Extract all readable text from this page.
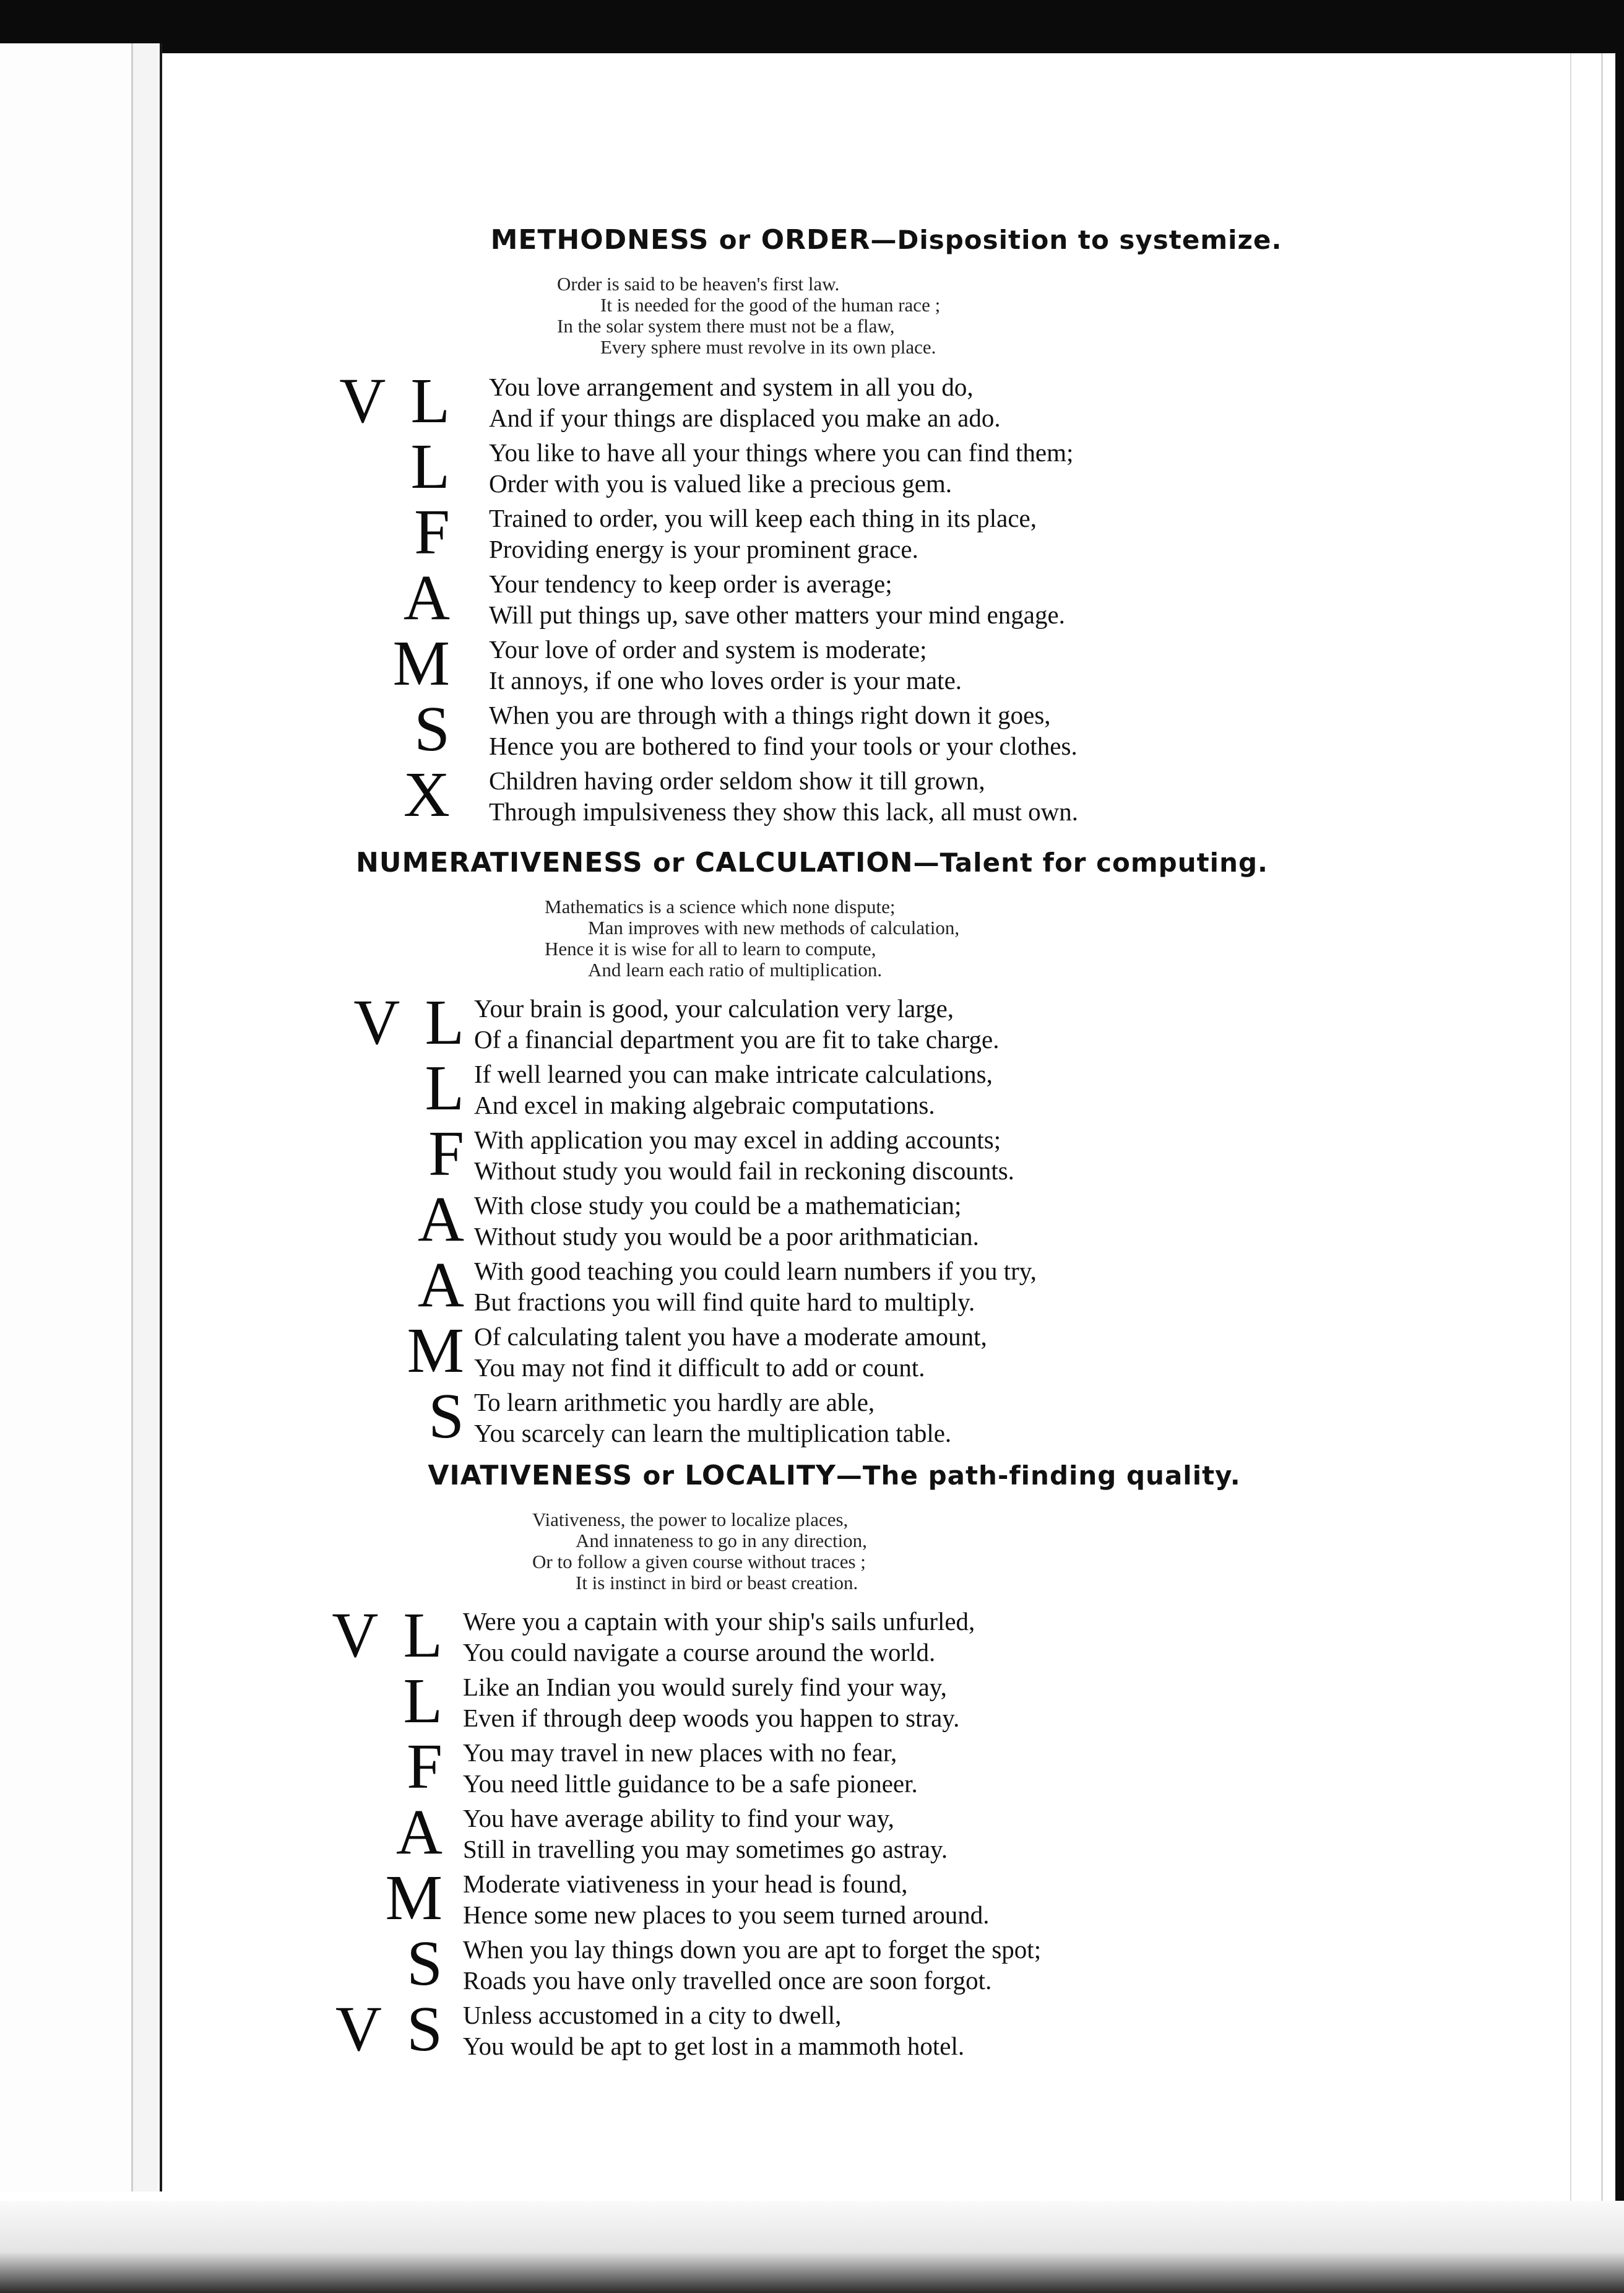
METHODNESS or ORDER—Disposition to systemize.
Order is said to be heaven's first law.
It is needed for the good of the human race ;
In the solar system there must not be a flaw,
Every sphere must revolve in its own place.
V L You love arrangement and system in all you do,
And if your things are displaced you make an ado.
L You like to have all your things where you can find them;
Order with you is valued like a precious gem.
F Trained to order, you will keep each thing in its place,
Providing energy is your prominent grace.
A Your tendency to keep order is average;
Will put things up, save other matters your mind engage.
M Your love of order and system is moderate;
It annoys, if one who loves order is your mate.
S When you are through with a things right down it goes,
Hence you are bothered to find your tools or your clothes.
X Children having order seldom show it till grown,
Through impulsiveness they show this lack, all must own.
NUMERATIVENESS or CALCULATION—Talent for computing.
Mathematics is a science which none dispute;
Man improves with new methods of calculation,
Hence it is wise for all to learn to compute,
And learn each ratio of multiplication.
V L Your brain is good, your calculation very large,
Of a financial department you are fit to take charge.
L If well learned you can make intricate calculations,
And excel in making algebraic computations.
F With application you may excel in adding accounts;
Without study you would fail in reckoning discounts.
A With close study you could be a mathematician;
Without study you would be a poor arithmatician.
A With good teaching you could learn numbers if you try,
But fractions you will find quite hard to multiply.
M Of calculating talent you have a moderate amount,
You may not find it difficult to add or count.
S To learn arithmetic you hardly are able,
You scarcely can learn the multiplication table.
VIATIVENESS or LOCALITY—The path-finding quality.
Viativeness, the power to localize places,
And innateness to go in any direction,
Or to follow a given course without traces ;
It is instinct in bird or beast creation.
V L Were you a captain with your ship's sails unfurled,
You could navigate a course around the world.
L Like an Indian you would surely find your way,
Even if through deep woods you happen to stray.
F You may travel in new places with no fear,
You need little guidance to be a safe pioneer.
A You have average ability to find your way,
Still in travelling you may sometimes go astray.
M Moderate viativeness in your head is found,
Hence some new places to you seem turned around.
S When you lay things down you are apt to forget the spot;
Roads you have only travelled once are soon forgot.
V S Unless accustomed in a city to dwell,
You would be apt to get lost in a mammoth hotel.
